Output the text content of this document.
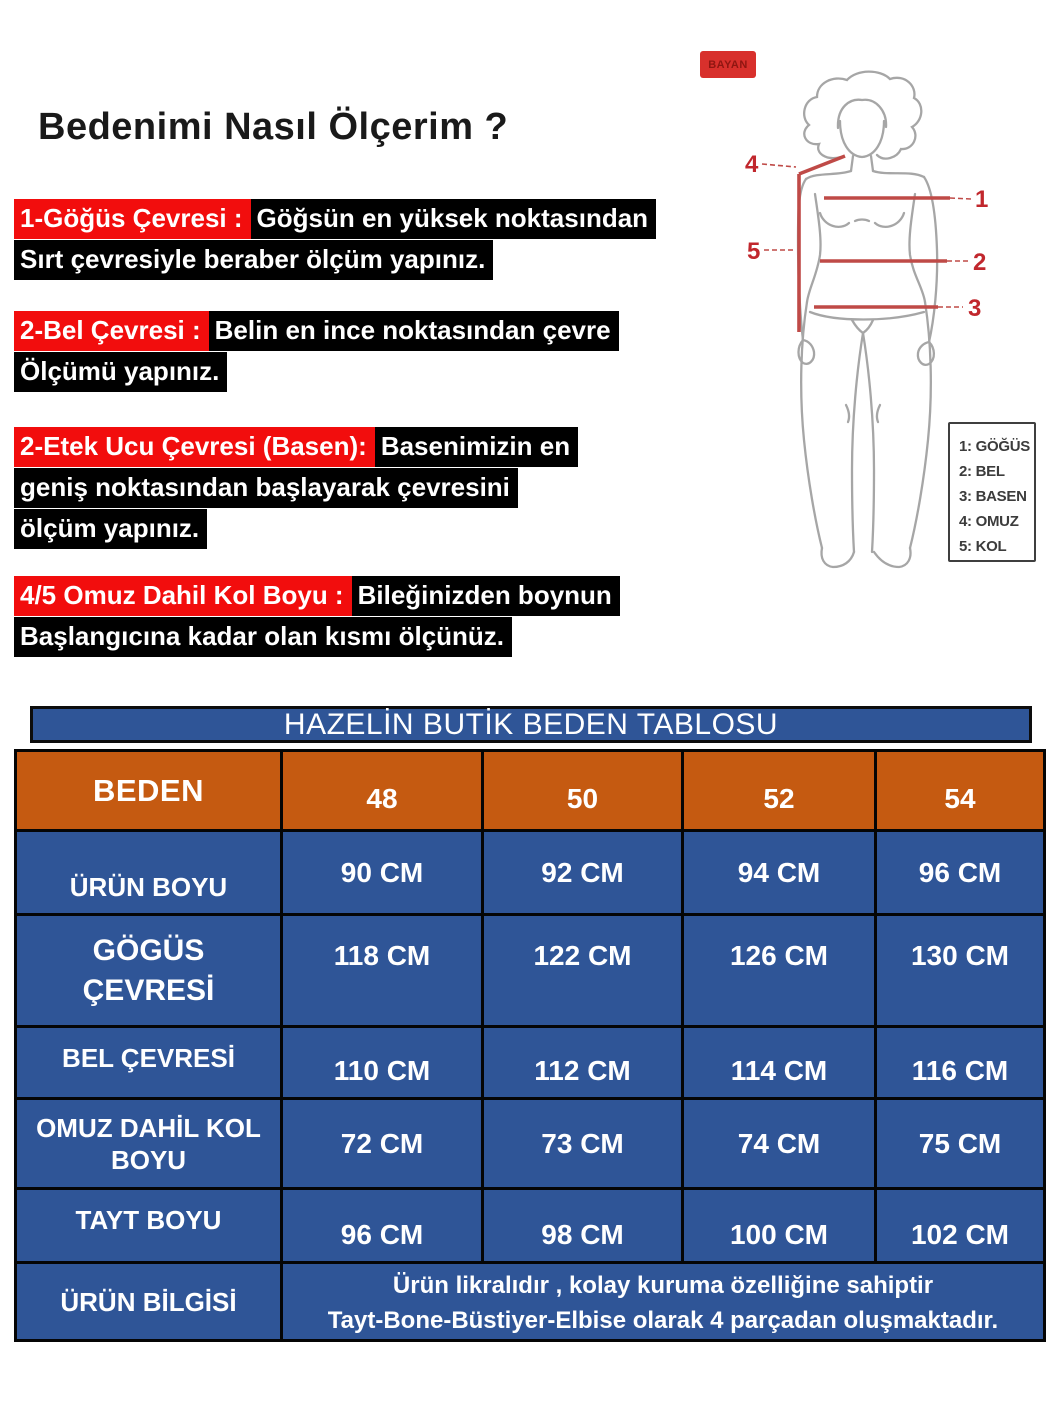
Bedenimi Nasıl Ölçerim ?
1-Göğüs Çevresi : Göğsün en yüksek noktasından
Sırt çevresiyle beraber ölçüm yapınız.
2-Bel Çevresi : Belin en ince noktasından çevre
Ölçümü yapınız.
2-Etek Ucu Çevresi (Basen): Basenimizin en
geniş noktasından başlayarak çevresini
ölçüm yapınız.
4/5 Omuz Dahil Kol Boyu : Bileğinizden boynun
Başlangıcına kadar olan kısmı ölçünüz.
BAYAN
1
2
3
4
5
1: GÖĞÜS
2: BEL
3: BASEN
4: OMUZ
5: KOL
HAZELİN BUTİK BEDEN TABLOSU
BEDEN	48	50	52	54
ÜRÜN BOYU	90 CM	92 CM	94 CM	96 CM
GÖGÜS ÇEVRESİ	118 CM	122 CM	126 CM	130 CM
BEL ÇEVRESİ	110 CM	112 CM	114 CM	116 CM
OMUZ DAHİL KOL BOYU	72 CM	73 CM	74 CM	75 CM
TAYT BOYU	96 CM	98 CM	100 CM	102 CM
ÜRÜN BİLGİSİ	Ürün likralıdır , kolay kuruma özelliğine sahiptir
Tayt-Bone-Büstiyer-Elbise olarak 4 parçadan oluşmaktadır.			
